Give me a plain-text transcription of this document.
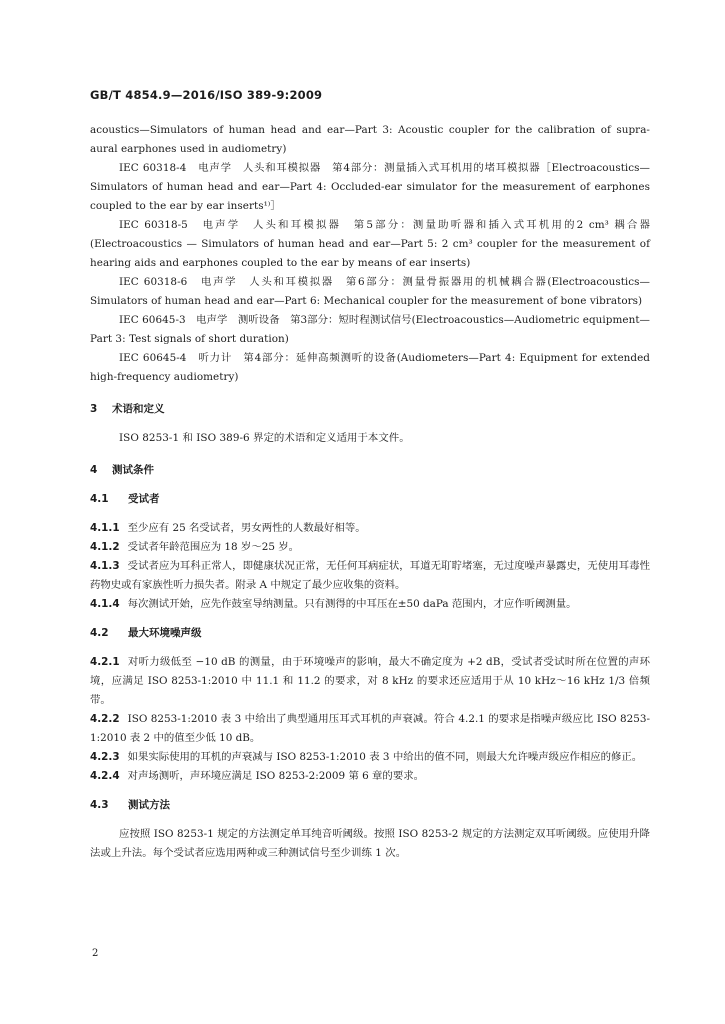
GB/T 4854.9—2016/ISO 389-9:2009

acoustics—Simulators of human head and ear—Part 3: Acoustic coupler for the calibration of supra-aural earphones used in audiometry)

IEC 60318-4　电声学　人头和耳模拟器　第4部分：测量插入式耳机用的堵耳模拟器［Electroacoustics—Simulators of human head and ear—Part 4: Occluded-ear simulator for the measurement of earphones coupled to the ear by ear inserts¹⁾］

IEC 60318-5　电声学　人头和耳模拟器　第5部分：测量助听器和插入式耳机用的2 cm³ 耦合器(Electroacoustics — Simulators of human head and ear—Part 5: 2 cm³ coupler for the measurement of hearing aids and earphones coupled to the ear by means of ear inserts)

IEC 60318-6　电声学　人头和耳模拟器　第6部分：测量骨振器用的机械耦合器(Electroacoustics—Simulators of human head and ear—Part 6: Mechanical coupler for the measurement of bone vibrators)

IEC 60645-3　电声学　测听设备　第3部分：短时程测试信号(Electroacoustics—Audiometric equipment—Part 3: Test signals of short duration)

IEC 60645-4　听力计　第4部分：延伸高频测听的设备(Audiometers—Part 4: Equipment for extended high-frequency audiometry)

3 术语和定义

ISO 8253-1 和 ISO 389-6 界定的术语和定义适用于本文件。

4 测试条件

4.1 受试者

4.1.1 至少应有 25 名受试者，男女两性的人数最好相等。

4.1.2 受试者年龄范围应为 18 岁～25 岁。

4.1.3 受试者应为耳科正常人，即健康状况正常，无任何耳病症状，耳道无耵聍堵塞，无过度噪声暴露史，无使用耳毒性药物史或有家族性听力损失者。附录 A 中规定了最少应收集的资料。

4.1.4 每次测试开始，应先作鼓室导纳测量。只有测得的中耳压在±50 daPa 范围内，才应作听阈测量。

4.2 最大环境噪声级

4.2.1 对听力级低至 −10 dB 的测量，由于环境噪声的影响，最大不确定度为 +2 dB，受试者受试时所在位置的声环境，应满足 ISO 8253-1:2010 中 11.1 和 11.2 的要求，对 8 kHz 的要求还应适用于从 10 kHz～16 kHz 1/3 倍频带。

4.2.2 ISO 8253-1:2010 表 3 中给出了典型通用压耳式耳机的声衰减。符合 4.2.1 的要求是指噪声级应比 ISO 8253-1:2010 表 2 中的值至少低 10 dB。

4.2.3 如果实际使用的耳机的声衰减与 ISO 8253-1:2010 表 3 中给出的值不同，则最大允许噪声级应作相应的修正。

4.2.4 对声场测听，声环境应满足 ISO 8253-2:2009 第 6 章的要求。

4.3 测试方法

应按照 ISO 8253-1 规定的方法测定单耳纯音听阈级。按照 ISO 8253-2 规定的方法测定双耳听阈级。应使用升降法或上升法。每个受试者应选用两种或三种测试信号至少训练 1 次。

2
